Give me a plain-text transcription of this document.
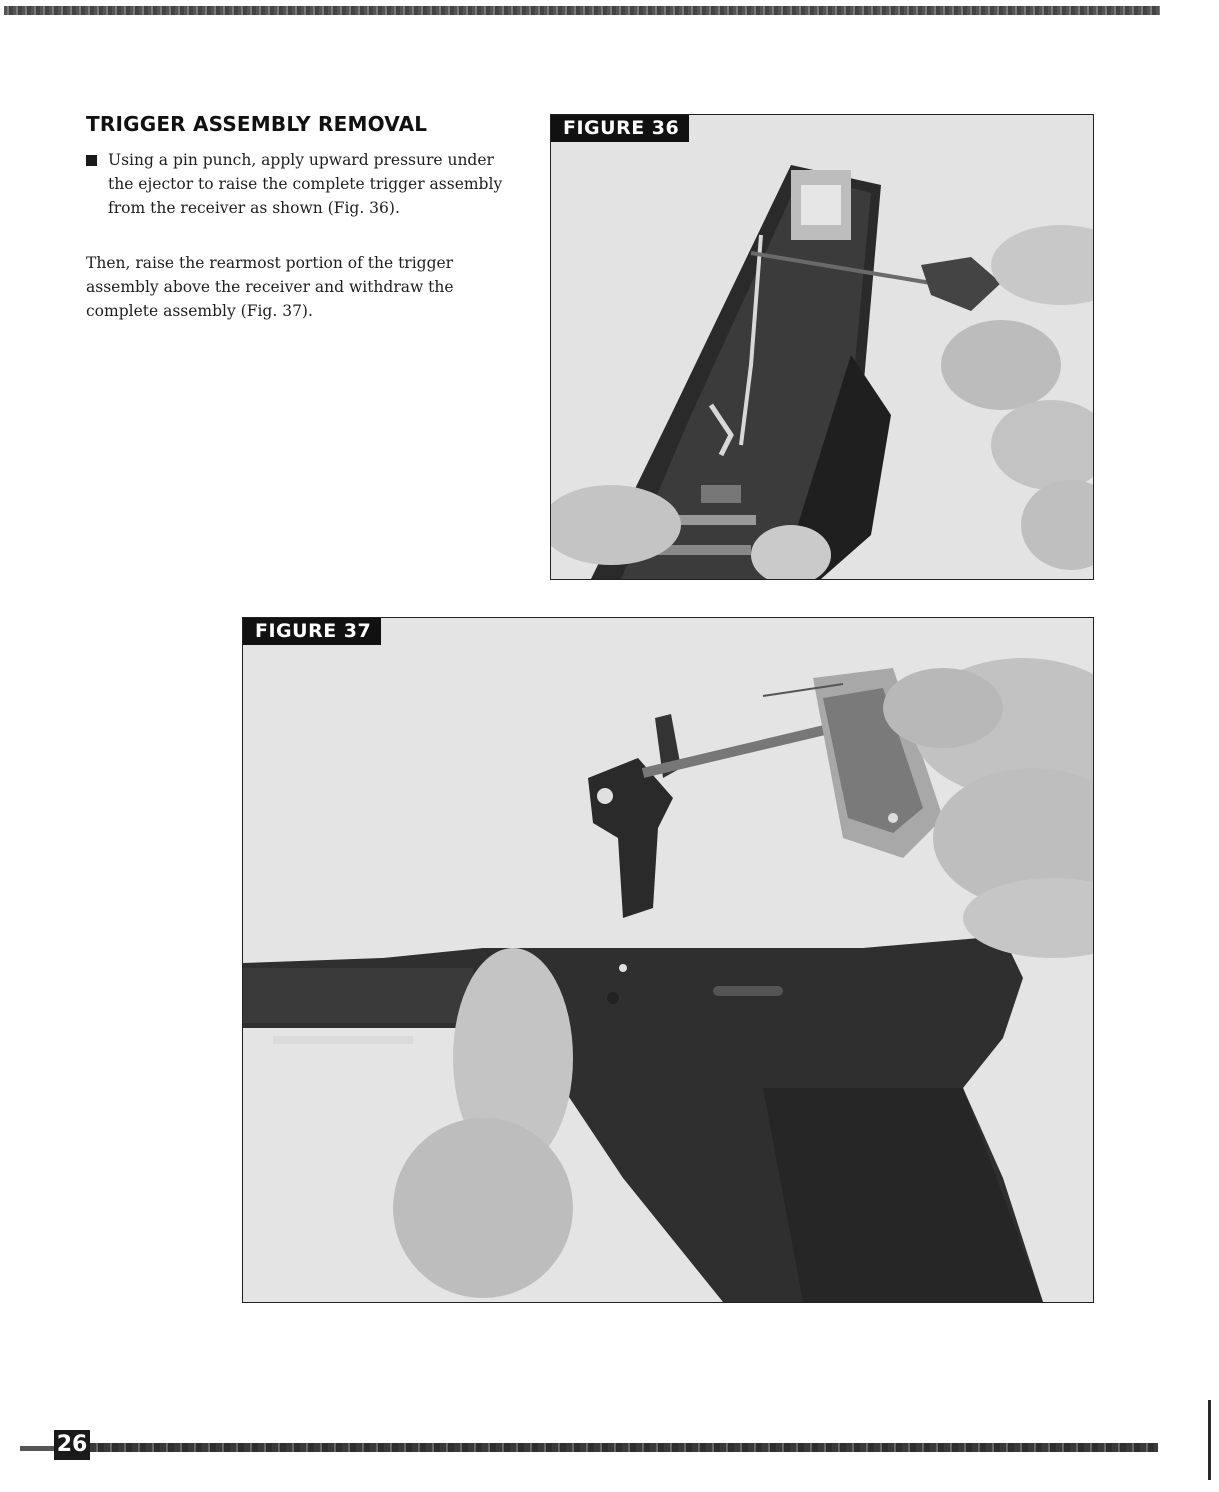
TRIGGER ASSEMBLY REMOVAL
Using a pin punch, apply upward pressure under the ejector to raise the complete trigger assembly from the receiver as shown (Fig. 36).

Then, raise the rearmost portion of the trigger assembly above the receiver and withdraw the complete assembly (Fig. 37).

FIGURE 36
FIGURE 37
26
